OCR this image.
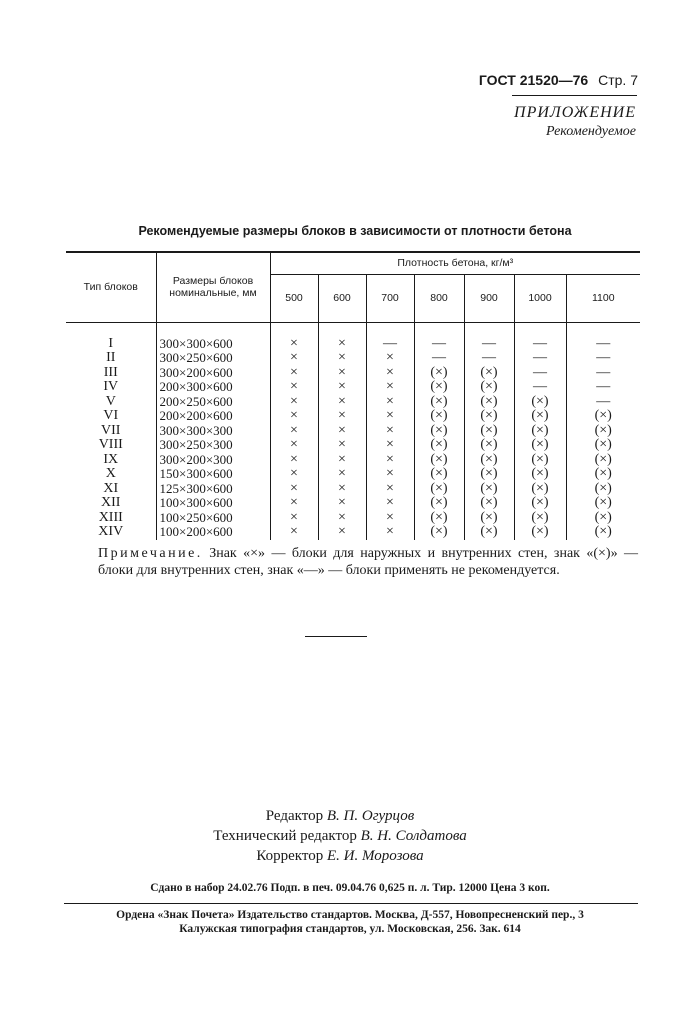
ГОСТ 21520—76 Стр. 7
ПРИЛОЖЕНИЕ
Рекомендуемое
Рекомендуемые размеры блоков в зависимости от плотности бетона
Тип блоков	Размеры блоков номинальные, мм	Плотность бетона, кг/м³						
		500	600	700	800	900	1000	1100
I	300×300×600	×	×	—	—	—	—	—
II	300×250×600	×	×	×	—	—	—	—
III	300×200×600	×	×	×	(×)	(×)	—	—
IV	200×300×600	×	×	×	(×)	(×)	—	—
V	200×250×600	×	×	×	(×)	(×)	(×)	—
VI	200×200×600	×	×	×	(×)	(×)	(×)	(×)
VII	300×300×300	×	×	×	(×)	(×)	(×)	(×)
VIII	300×250×300	×	×	×	(×)	(×)	(×)	(×)
IX	300×200×300	×	×	×	(×)	(×)	(×)	(×)
X	150×300×600	×	×	×	(×)	(×)	(×)	(×)
XI	125×300×600	×	×	×	(×)	(×)	(×)	(×)
XII	100×300×600	×	×	×	(×)	(×)	(×)	(×)
XIII	100×250×600	×	×	×	(×)	(×)	(×)	(×)
XIV	100×200×600	×	×	×	(×)	(×)	(×)	(×)
Примечание. Знак «×» — блоки для наружных и внутренних стен, знак «(×)» — блоки для внутренних стен, знак «—» — блоки применять не рекомендуется.
Редактор В. П. Огурцов
Технический редактор В. Н. Солдатова
Корректор Е. И. Морозова
Сдано в набор 24.02.76 Подп. в печ. 09.04.76 0,625 п. л. Тир. 12000 Цена 3 коп.
Ордена «Знак Почета» Издательство стандартов. Москва, Д-557, Новопресненский пер., 3
Калужская типография стандартов, ул. Московская, 256. Зак. 614
